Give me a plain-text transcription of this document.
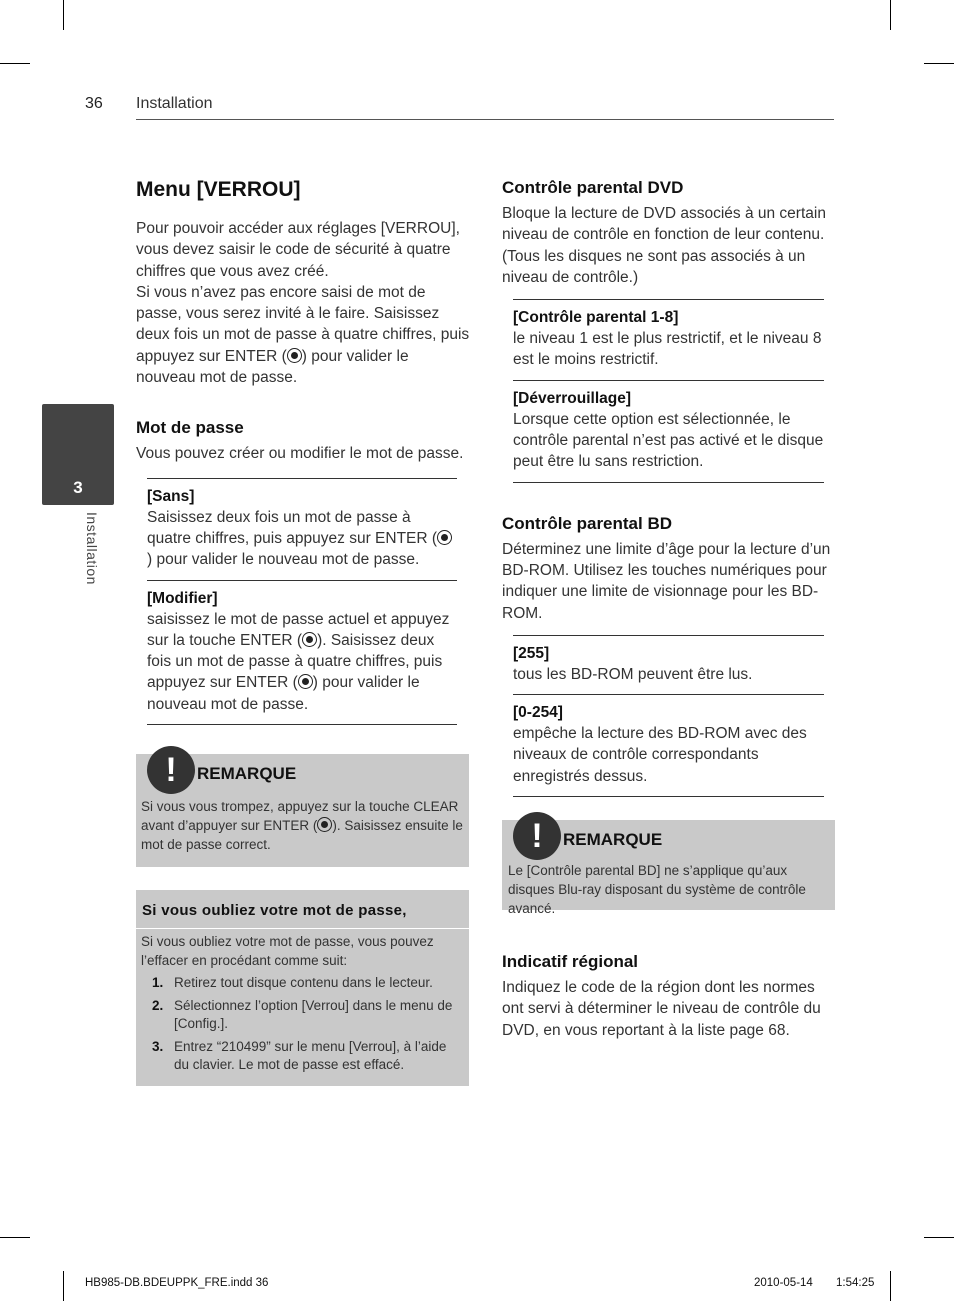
36 Installation
3
Installation
Menu [VERROU]

Pour pouvoir accéder aux réglages [VERROU], vous devez saisir le code de sécurité à quatre chiffres que vous avez créé.

Si vous n’avez pas encore saisi de mot de passe, vous serez invité à le faire. Saisissez deux fois un mot de passe à quatre chiffres, puis appuyez sur ENTER ( ) pour valider le nouveau mot de passe.

Mot de passe

Vous pouvez créer ou modifier le mot de passe.

[Sans]
Saisissez deux fois un mot de passe à quatre chiffres, puis appuyez sur ENTER () pour valider le nouveau mot de passe.
[Modifier]
saisissez le mot de passe actuel et appuyez sur la touche ENTER ( ). Saisissez deux fois un mot de passe à quatre chiffres, puis appuyez sur ENTER ( ) pour valider le nouveau mot de passe.
!	REMARQUE
Si vous vous trompez, appuyez sur la touche CLEAR avant d’appuyer sur ENTER ( ). Saisissez ensuite le mot de passe correct.
Si vous oubliez votre mot de passe,
Si vous oubliez votre mot de passe, vous pouvez l’effacer en procédant comme suit:
1. Retirez tout disque contenu dans le lecteur.
2. Sélectionnez l’option [Verrou] dans le menu de [Config.].
3. Entrez “210499” sur le menu [Verrou], à l’aide du clavier. Le mot de passe est effacé.
Contrôle parental DVD

Bloque la lecture de DVD associés à un certain niveau de contrôle en fonction de leur contenu. (Tous les disques ne sont pas associés à un niveau de contrôle.)

[Contrôle parental 1-8]
le niveau 1 est le plus restrictif, et le niveau 8 est le moins restrictif.
[Déverrouillage]
Lorsque cette option est sélectionnée, le contrôle parental n’est pas activé et le disque peut être lu sans restriction.
Contrôle parental BD

Déterminez une limite d’âge pour la lecture d’un BD-ROM. Utilisez les touches numériques pour indiquer une limite de visionnage pour les BD-ROM.

[255]
tous les BD-ROM peuvent être lus.
[0-254]
empêche la lecture des BD-ROM avec des niveaux de contrôle correspondants enregistrés dessus.
!	REMARQUE
Le [Contrôle parental BD] ne s’applique qu’aux disques Blu-ray disposant du système de contrôle avancé.
Indicatif régional

Indiquez le code de la région dont les normes ont servi à déterminer le niveau de contrôle du DVD, en vous reportant à la liste page 68.

HB985-DB.BDEUPPK_FRE.indd 36	2010-05-14 1:54:25
